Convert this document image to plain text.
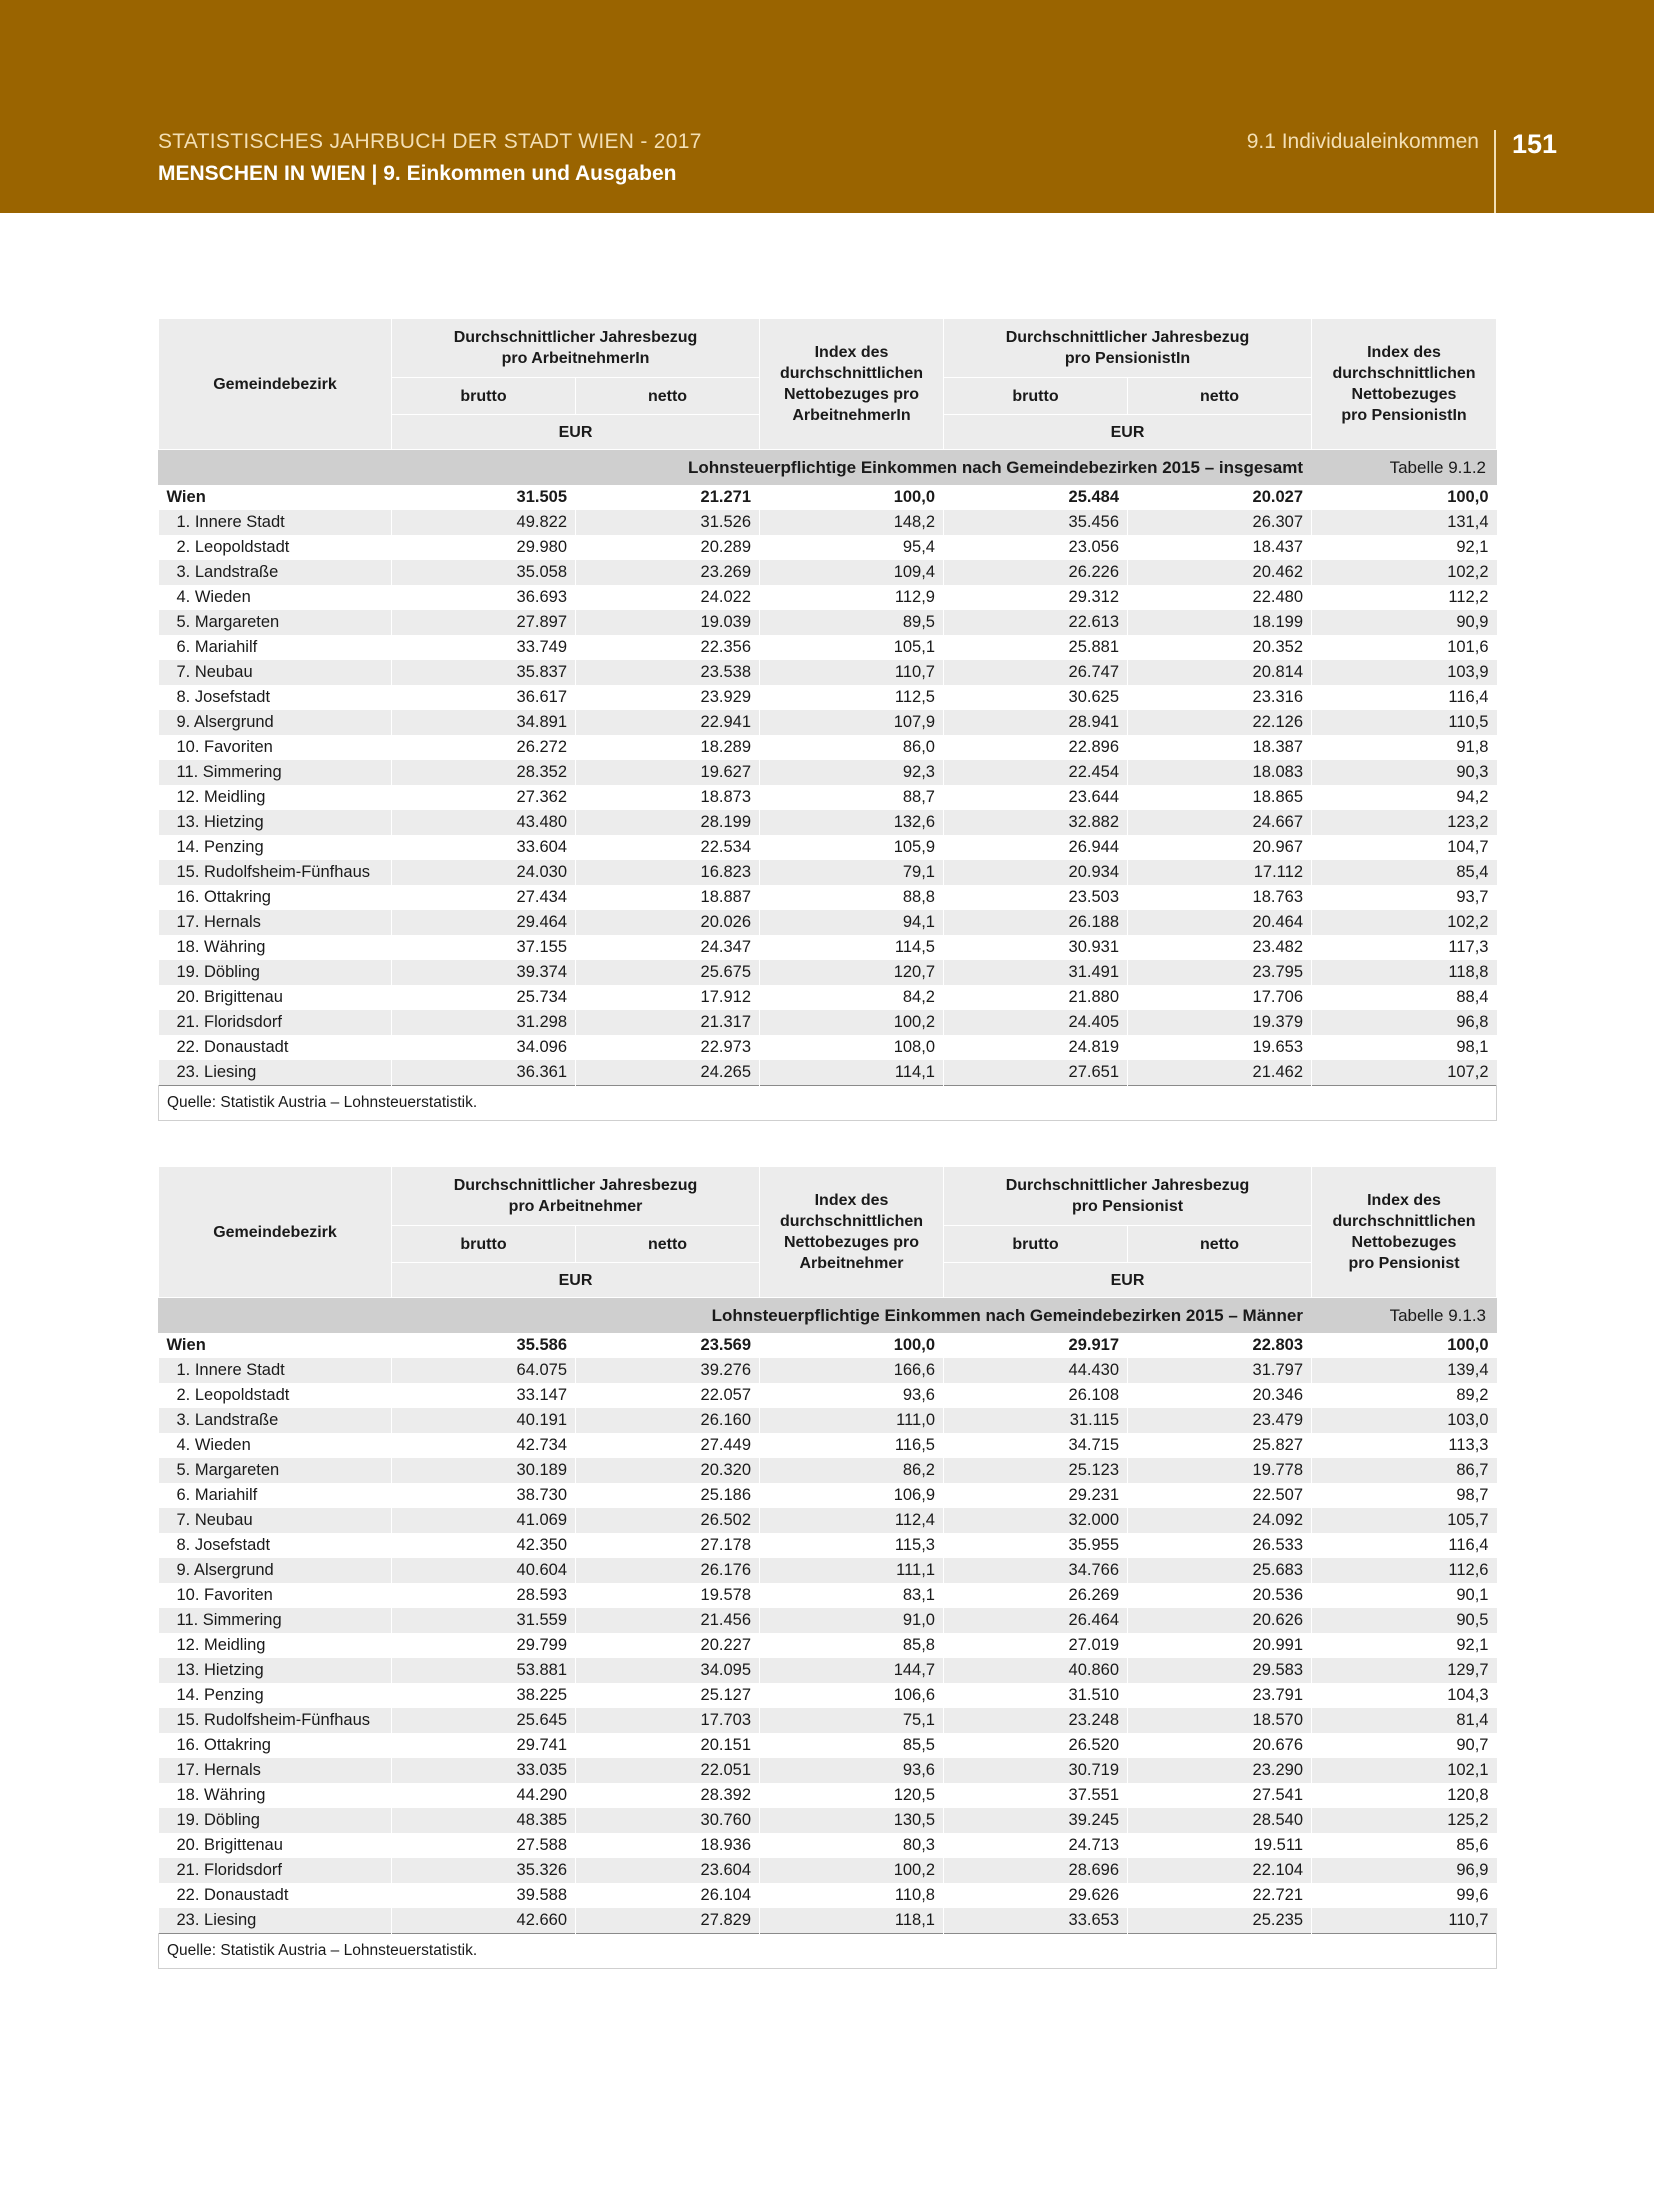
STATISTISCHES JAHRBUCH DER STADT WIEN - 2017
MENSCHEN IN WIEN | 9. Einkommen und Ausgaben
9.1 Individualeinkommen 151
Lohnsteuerpflichtige Einkommen nach Gemeindebezirken 2015 – insgesamt						Tabelle 9.1.2
Gemeindebezirk	Durchschnittlicher Jahresbezug
pro ArbeitnehmerIn		Index des
durchschnittlichen
Nettobezuges pro
ArbeitnehmerIn	Durchschnittlicher Jahresbezug
pro PensionistIn		Index des
durchschnittlichen
Nettobezuges
pro PensionistIn
	brutto	netto		brutto	netto	
	EUR			EUR		
Wien	31.505	21.271	100,0	25.484	20.027	100,0
1. Innere Stadt	49.822	31.526	148,2	35.456	26.307	131,4
2. Leopoldstadt	29.980	20.289	95,4	23.056	18.437	92,1
3. Landstraße	35.058	23.269	109,4	26.226	20.462	102,2
4. Wieden	36.693	24.022	112,9	29.312	22.480	112,2
5. Margareten	27.897	19.039	89,5	22.613	18.199	90,9
6. Mariahilf	33.749	22.356	105,1	25.881	20.352	101,6
7. Neubau	35.837	23.538	110,7	26.747	20.814	103,9
8. Josefstadt	36.617	23.929	112,5	30.625	23.316	116,4
9. Alsergrund	34.891	22.941	107,9	28.941	22.126	110,5
10. Favoriten	26.272	18.289	86,0	22.896	18.387	91,8
11. Simmering	28.352	19.627	92,3	22.454	18.083	90,3
12. Meidling	27.362	18.873	88,7	23.644	18.865	94,2
13. Hietzing	43.480	28.199	132,6	32.882	24.667	123,2
14. Penzing	33.604	22.534	105,9	26.944	20.967	104,7
15. Rudolfsheim-Fünfhaus	24.030	16.823	79,1	20.934	17.112	85,4
16. Ottakring	27.434	18.887	88,8	23.503	18.763	93,7
17. Hernals	29.464	20.026	94,1	26.188	20.464	102,2
18. Währing	37.155	24.347	114,5	30.931	23.482	117,3
19. Döbling	39.374	25.675	120,7	31.491	23.795	118,8
20. Brigittenau	25.734	17.912	84,2	21.880	17.706	88,4
21. Floridsdorf	31.298	21.317	100,2	24.405	19.379	96,8
22. Donaustadt	34.096	22.973	108,0	24.819	19.653	98,1
23. Liesing	36.361	24.265	114,1	27.651	21.462	107,2
Quelle: Statistik Austria – Lohnsteuerstatistik.						
Lohnsteuerpflichtige Einkommen nach Gemeindebezirken 2015 – Männer						Tabelle 9.1.3
Gemeindebezirk	Durchschnittlicher Jahresbezug
pro Arbeitnehmer		Index des
durchschnittlichen
Nettobezuges pro
Arbeitnehmer	Durchschnittlicher Jahresbezug
pro Pensionist		Index des
durchschnittlichen
Nettobezuges
pro Pensionist
	brutto	netto		brutto	netto	
	EUR			EUR		
Wien	35.586	23.569	100,0	29.917	22.803	100,0
1. Innere Stadt	64.075	39.276	166,6	44.430	31.797	139,4
2. Leopoldstadt	33.147	22.057	93,6	26.108	20.346	89,2
3. Landstraße	40.191	26.160	111,0	31.115	23.479	103,0
4. Wieden	42.734	27.449	116,5	34.715	25.827	113,3
5. Margareten	30.189	20.320	86,2	25.123	19.778	86,7
6. Mariahilf	38.730	25.186	106,9	29.231	22.507	98,7
7. Neubau	41.069	26.502	112,4	32.000	24.092	105,7
8. Josefstadt	42.350	27.178	115,3	35.955	26.533	116,4
9. Alsergrund	40.604	26.176	111,1	34.766	25.683	112,6
10. Favoriten	28.593	19.578	83,1	26.269	20.536	90,1
11. Simmering	31.559	21.456	91,0	26.464	20.626	90,5
12. Meidling	29.799	20.227	85,8	27.019	20.991	92,1
13. Hietzing	53.881	34.095	144,7	40.860	29.583	129,7
14. Penzing	38.225	25.127	106,6	31.510	23.791	104,3
15. Rudolfsheim-Fünfhaus	25.645	17.703	75,1	23.248	18.570	81,4
16. Ottakring	29.741	20.151	85,5	26.520	20.676	90,7
17. Hernals	33.035	22.051	93,6	30.719	23.290	102,1
18. Währing	44.290	28.392	120,5	37.551	27.541	120,8
19. Döbling	48.385	30.760	130,5	39.245	28.540	125,2
20. Brigittenau	27.588	18.936	80,3	24.713	19.511	85,6
21. Floridsdorf	35.326	23.604	100,2	28.696	22.104	96,9
22. Donaustadt	39.588	26.104	110,8	29.626	22.721	99,6
23. Liesing	42.660	27.829	118,1	33.653	25.235	110,7
Quelle: Statistik Austria – Lohnsteuerstatistik.						
